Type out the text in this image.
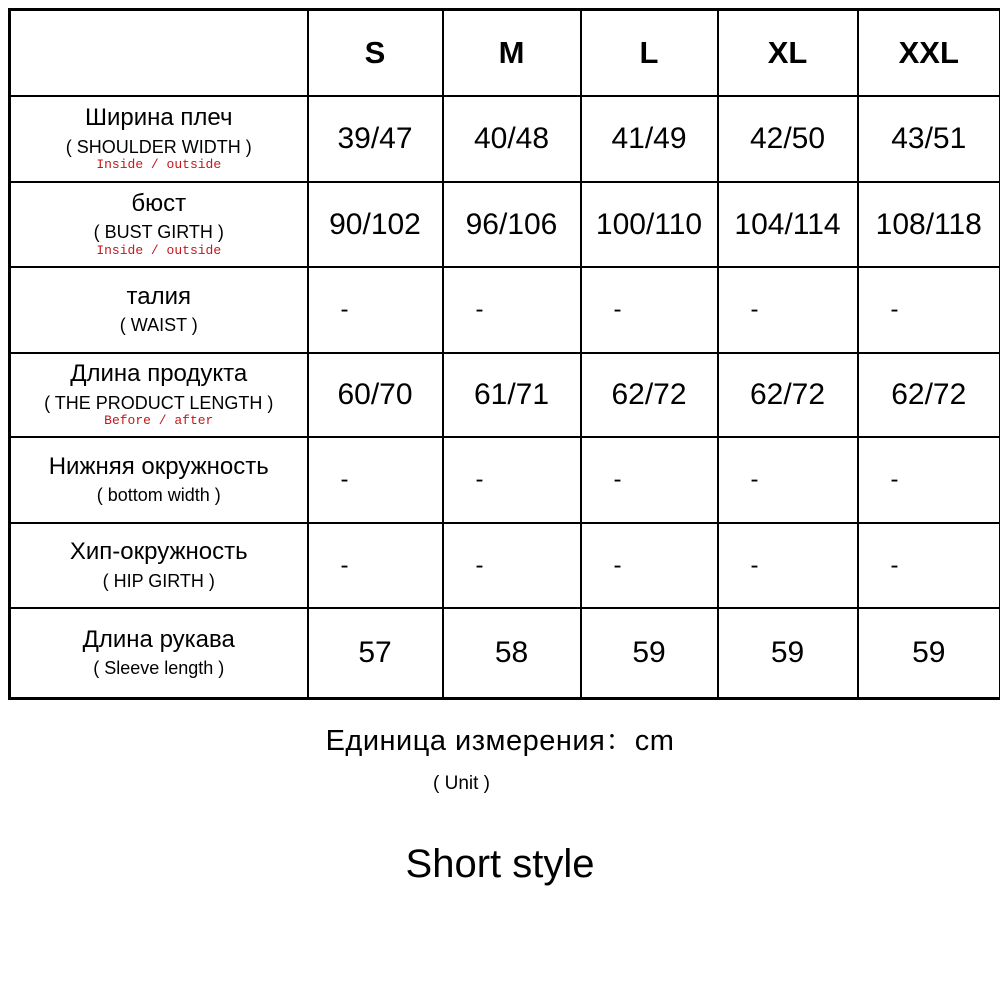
	S	M	L	XL	XXL

Ширина плеч
( SHOULDER WIDTH )
Inside / outside	39/47	40/48	41/49	42/50	43/51

бюст
( BUST GIRTH )
Inside / outside	90/102	96/106	100/110	104/114	108/118

талия
( WAIST )	-	-	-	-	-

Длина продукта
( THE PRODUCT LENGTH )
Before / after	60/70	61/71	62/72	62/72	62/72

Нижняя окружность
( bottom width )	-	-	-	-	-

Хип-окружность
( HIP GIRTH )	-	-	-	-	-

Длина рукава
( Sleeve length )	57	58	59	59	59
Единица измерения：cm
( Unit )
Short style
